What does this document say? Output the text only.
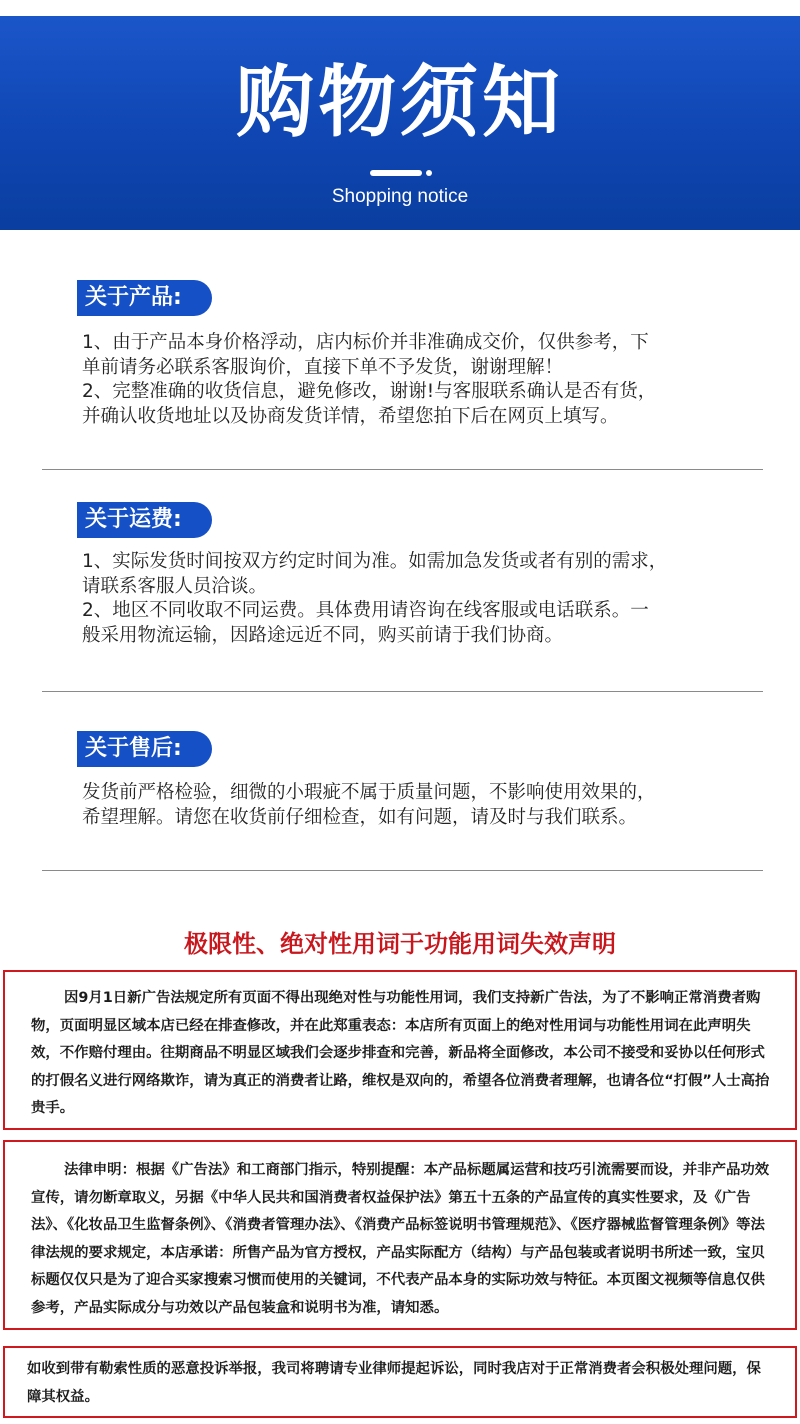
购物须知
Shopping notice
关于产品:
1、由于产品本身价格浮动，店内标价并非准确成交价，仅供参考，下
单前请务必联系客服询价，直接下单不予发货，谢谢理解！
2、完整准确的收货信息，避免修改，谢谢!与客服联系确认是否有货，
并确认收货地址以及协商发货详情，希望您拍下后在网页上填写。
关于运费:
1、实际发货时间按双方约定时间为准。如需加急发货或者有别的需求，
请联系客服人员洽谈。
2、地区不同收取不同运费。具体费用请咨询在线客服或电话联系。一
般采用物流运输，因路途远近不同，购买前请于我们协商。
关于售后:
发货前严格检验，细微的小瑕疵不属于质量问题，不影响使用效果的，
希望理解。请您在收货前仔细检查，如有问题，请及时与我们联系。
极限性、绝对性用词于功能用词失效声明

因9月1日新广告法规定所有页面不得出现绝对性与功能性用词，我们支持新广告法，为了不影响正常消费者购物，页面明显区域本店已经在排查修改，并在此郑重表态：本店所有页面上的绝对性用词与功能性用词在此声明失效，不作赔付理由。往期商品不明显区域我们会逐步排查和完善，新品将全面修改，本公司不接受和妥协以任何形式的打假名义进行网络欺诈，请为真正的消费者让路，维权是双向的，希望各位消费者理解，也请各位“打假”人士高抬贵手。

法律申明：根据《广告法》和工商部门指示，特别提醒：本产品标题属运营和技巧引流需要而设，并非产品功效宣传，请勿断章取义，另据《中华人民共和国消费者权益保护法》第五十五条的产品宣传的真实性要求，及《广告法》、《化妆品卫生监督条例》、《消费者管理办法》、《消费产品标签说明书管理规范》、《医疗器械监督管理条例》等法律法规的要求规定，本店承诺：所售产品为官方授权，产品实际配方（结构）与产品包装或者说明书所述一致，宝贝标题仅仅只是为了迎合买家搜索习惯而使用的关键词，不代表产品本身的实际功效与特征。本页图文视频等信息仅供参考，产品实际成分与功效以产品包装盒和说明书为准，请知悉。

如收到带有勒索性质的恶意投诉举报，我司将聘请专业律师提起诉讼，同时我店对于正常消费者会积极处理问题，保障其权益。
